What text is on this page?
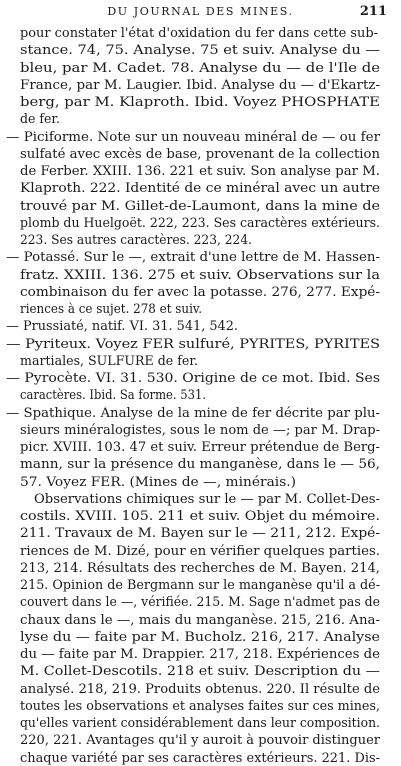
DU JOURNAL DES MINES.	211
pour constater l'état d'oxidation du fer dans cette sub-
stance. 74, 75. Analyse. 75 et suiv. Analyse du —
bleu, par M. Cadet. 78. Analyse du — de l'Ile de
France, par M. Laugier. Ibid. Analyse du — d'Ekartz-
berg, par M. Klaproth. Ibid. Voyez PHOSPHATE
de fer.
— Piciforme. Note sur un nouveau minéral de — ou fer
sulfaté avec excès de base, provenant de la collection
de Ferber. XXIII. 136. 221 et suiv. Son analyse par M.
Klaproth. 222. Identité de ce minéral avec un autre
trouvé par M. Gillet-de-Laumont, dans la mine de
plomb du Huelgoët. 222, 223. Ses caractères extérieurs.
223. Ses autres caractères. 223, 224.
— Potassé. Sur le —, extrait d'une lettre de M. Hassen-
fratz. XXIII. 136. 275 et suiv. Observations sur la
combinaison du fer avec la potasse. 276, 277. Expé-
riences à ce sujet. 278 et suiv.
— Prussiaté, natif. VI. 31. 541, 542.
— Pyriteux. Voyez FER sulfuré, PYRITES, PYRITES
martiales, SULFURE de fer.
— Pyrocète. VI. 31. 530. Origine de ce mot. Ibid. Ses
caractères. Ibid. Sa forme. 531.
— Spathique. Analyse de la mine de fer décrite par plu-
sieurs minéralogistes, sous le nom de —; par M. Drap-
picr. XVIII. 103. 47 et suiv. Erreur prétendue de Berg-
mann, sur la présence du manganèse, dans le — 56,
57. Voyez FER. (Mines de —, minérais.)
Observations chimiques sur le — par M. Collet-Des-
costils. XVIII. 105. 211 et suiv. Objet du mémoire.
211. Travaux de M. Bayen sur le — 211, 212. Expé-
riences de M. Dizé, pour en vérifier quelques parties.
213, 214. Résultats des recherches de M. Bayen. 214,
215. Opinion de Bergmann sur le manganèse qu'il a dé-
couvert dans le —, vérifiée. 215. M. Sage n'admet pas de
chaux dans le —, mais du manganèse. 215, 216. Ana-
lyse du — faite par M. Bucholz. 216, 217. Analyse
du — faite par M. Drappier. 217, 218. Expériences de
M. Collet-Descotils. 218 et suiv. Description du —
analysé. 218, 219. Produits obtenus. 220. Il résulte de
toutes les observations et analyses faites sur ces mines,
qu'elles varient considérablement dans leur composition.
220, 221. Avantages qu'il y auroit à pouvoir distinguer
chaque variété par ses caractères extérieurs. 221. Dis-
